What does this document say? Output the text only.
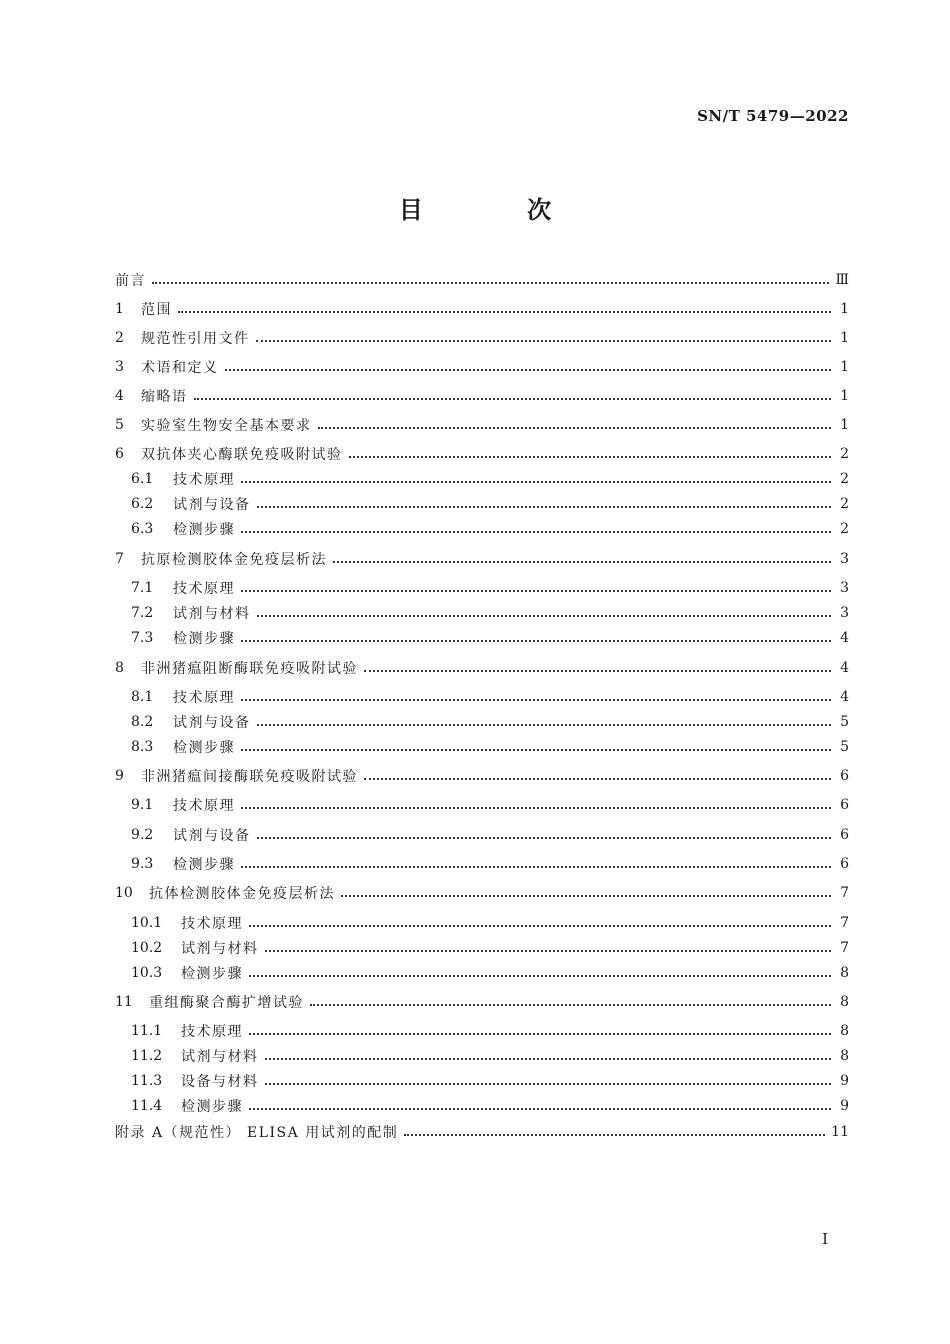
SN/T 5479—2022
目 次
前言	Ⅲ
1	范围	1
2	规范性引用文件	1
3	术语和定义	1
4	缩略语	1
5	实验室生物安全基本要求	1
6	双抗体夹心酶联免疫吸附试验	2
6.1	技术原理	2
6.2	试剂与设备	2
6.3	检测步骤	2
7	抗原检测胶体金免疫层析法	3
7.1	技术原理	3
7.2	试剂与材料	3
7.3	检测步骤	4
8	非洲猪瘟阻断酶联免疫吸附试验	4
8.1	技术原理	4
8.2	试剂与设备	5
8.3	检测步骤	5
9	非洲猪瘟间接酶联免疫吸附试验	6
9.1	技术原理	6
9.2	试剂与设备	6
9.3	检测步骤	6
10	抗体检测胶体金免疫层析法	7
10.1	技术原理	7
10.2	试剂与材料	7
10.3	检测步骤	8
11	重组酶聚合酶扩增试验	8
11.1	技术原理	8
11.2	试剂与材料	8
11.3	设备与材料	9
11.4	检测步骤	9
附录 A（规范性） ELISA 用试剂的配制	11
I
